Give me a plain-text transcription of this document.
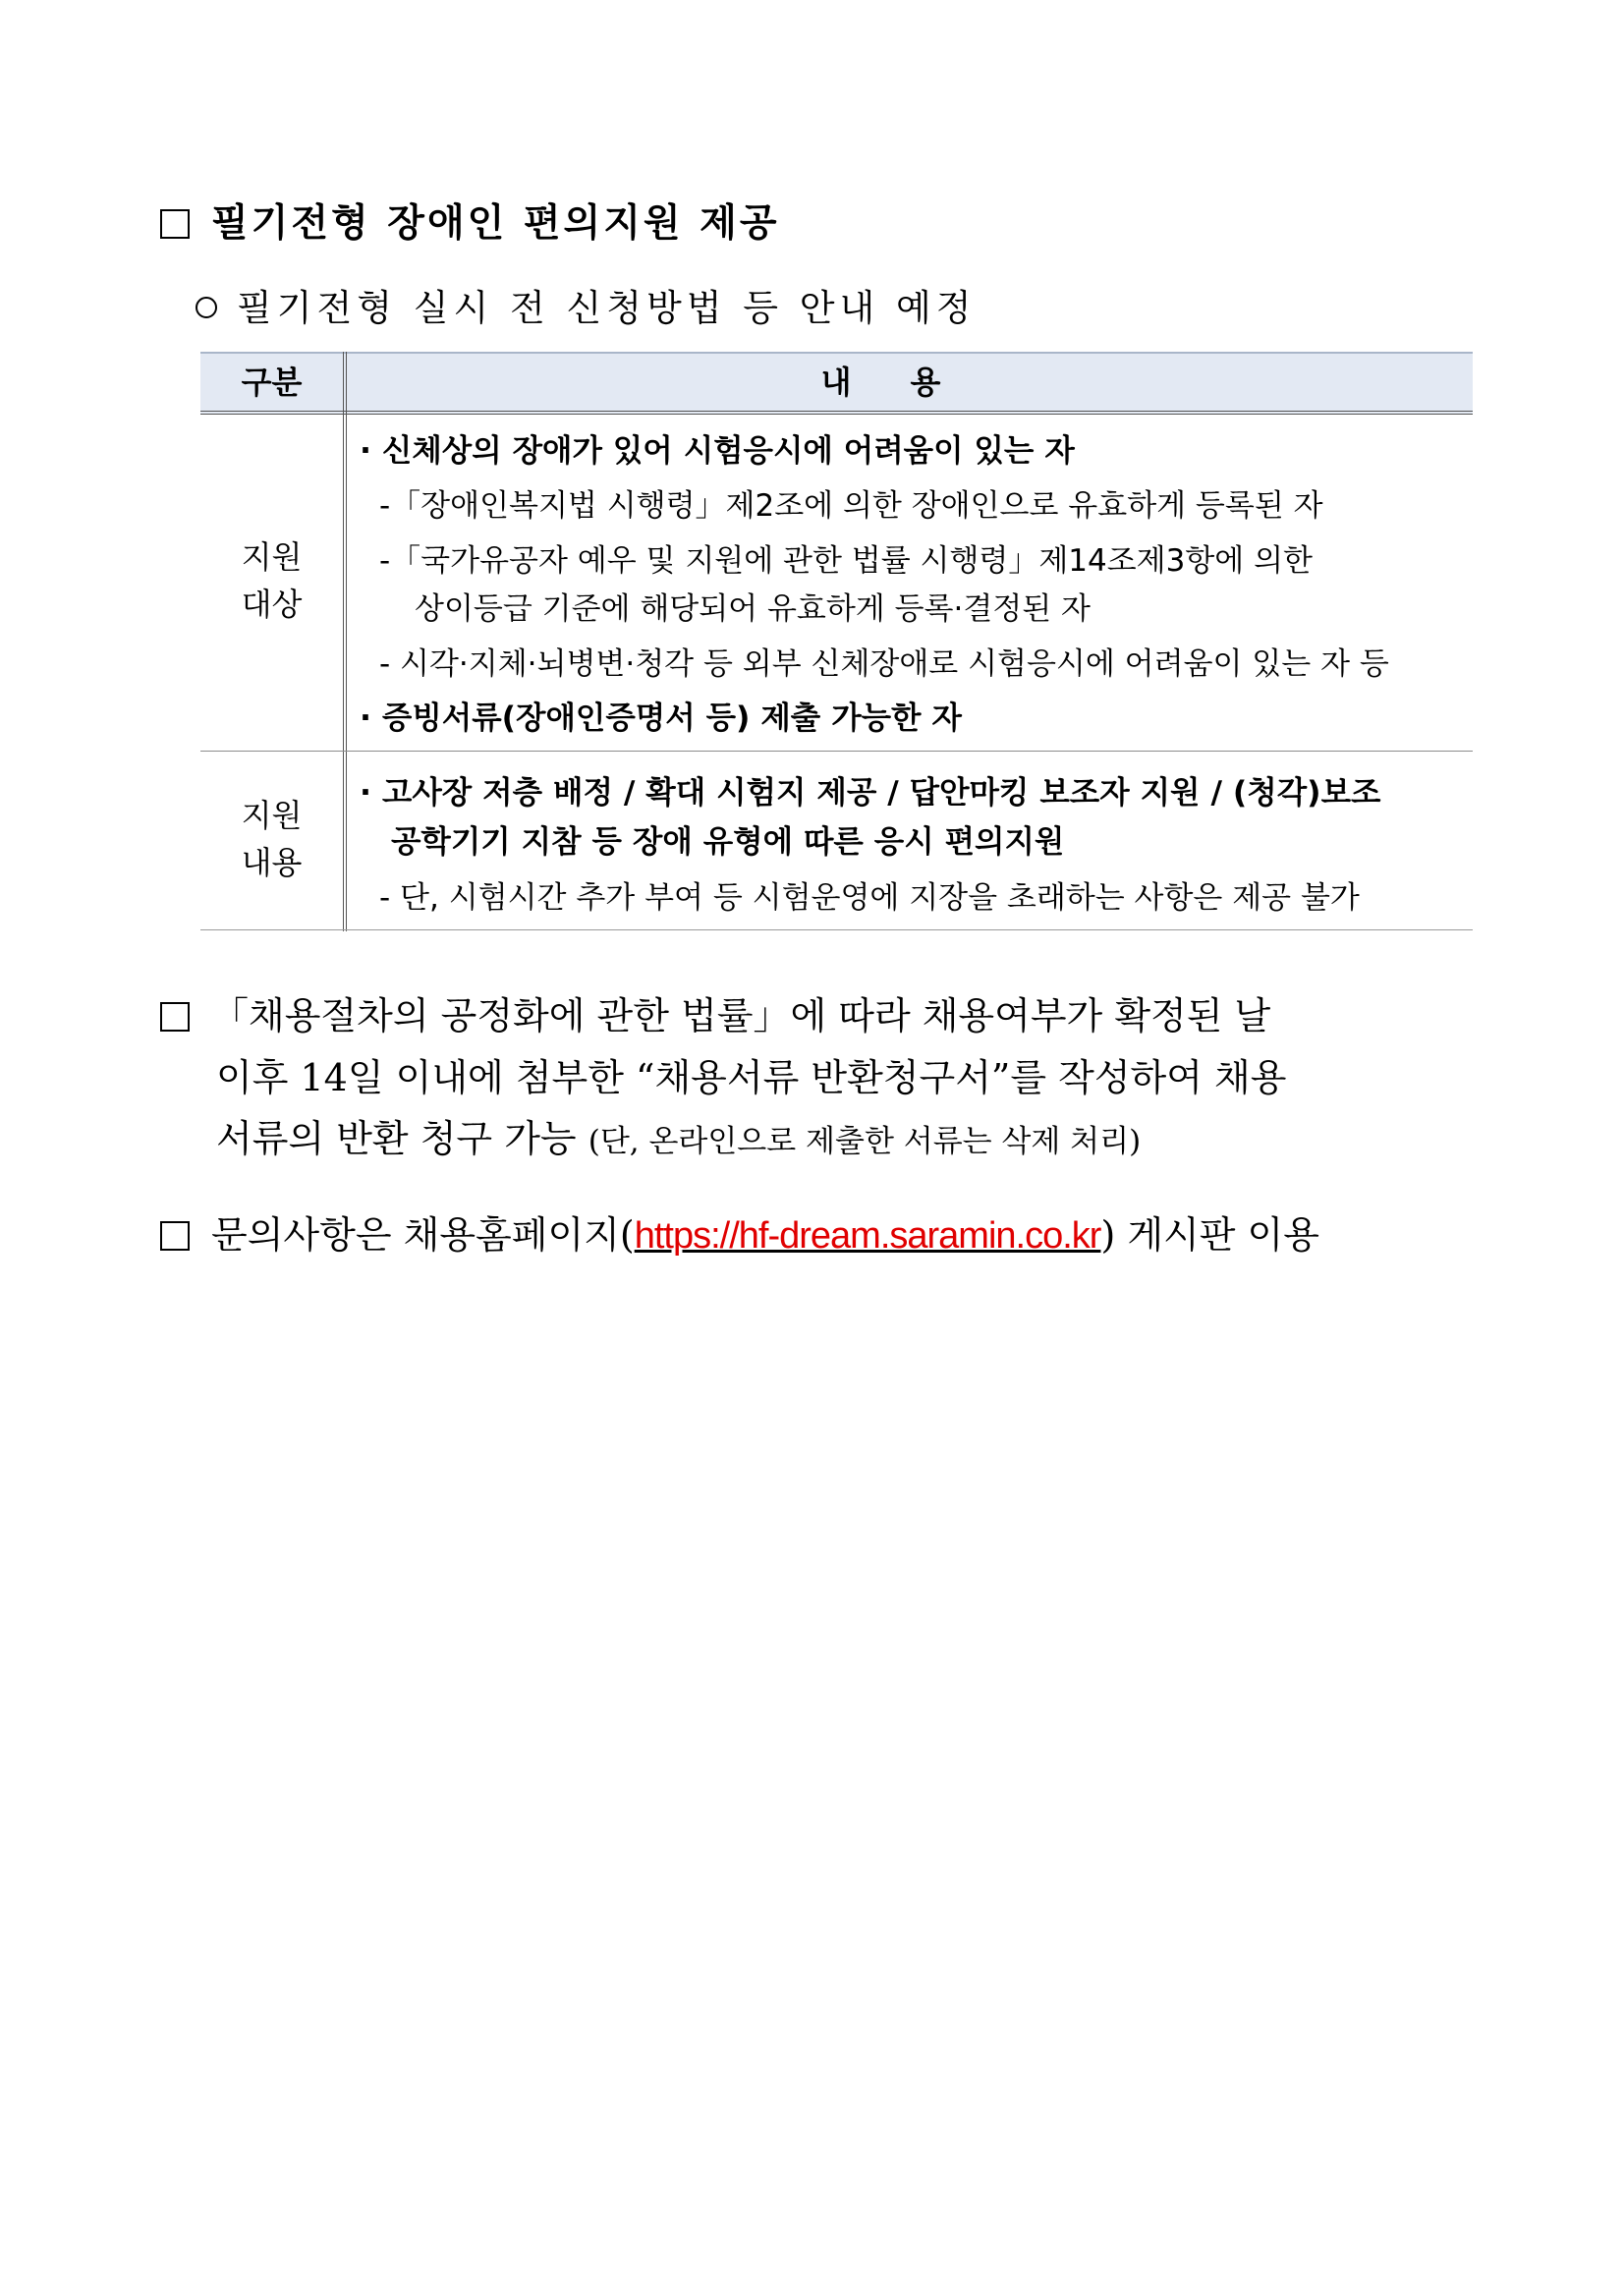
필기전형 장애인 편의지원 제공
필기전형 실시 전 신청방법 등 안내 예정
구분	내용
지원
대상
· 신체상의 장애가 있어 시험응시에 어려움이 있는 자
-「장애인복지법 시행령」제2조에 의한 장애인으로 유효하게 등록된 자
-「국가유공자 예우 및 지원에 관한 법률 시행령」제14조제3항에 의한
상이등급 기준에 해당되어 유효하게 등록·결정된 자
- 시각·지체·뇌병변·청각 등 외부 신체장애로 시험응시에 어려움이 있는 자 등
· 증빙서류(장애인증명서 등) 제출 가능한 자
지원
내용
· 고사장 저층 배정 / 확대 시험지 제공 / 답안마킹 보조자 지원 / (청각)보조
공학기기 지참 등 장애 유형에 따른 응시 편의지원
- 단, 시험시간 추가 부여 등 시험운영에 지장을 초래하는 사항은 제공 불가
「채용절차의 공정화에 관한 법률」에 따라 채용여부가 확정된 날
이후 14일 이내에 첨부한 “채용서류 반환청구서”를 작성하여 채용
서류의 반환 청구 가능 (단, 온라인으로 제출한 서류는 삭제 처리)
문의사항은 채용홈페이지(https://hf-dream.saramin.co.kr) 게시판 이용
